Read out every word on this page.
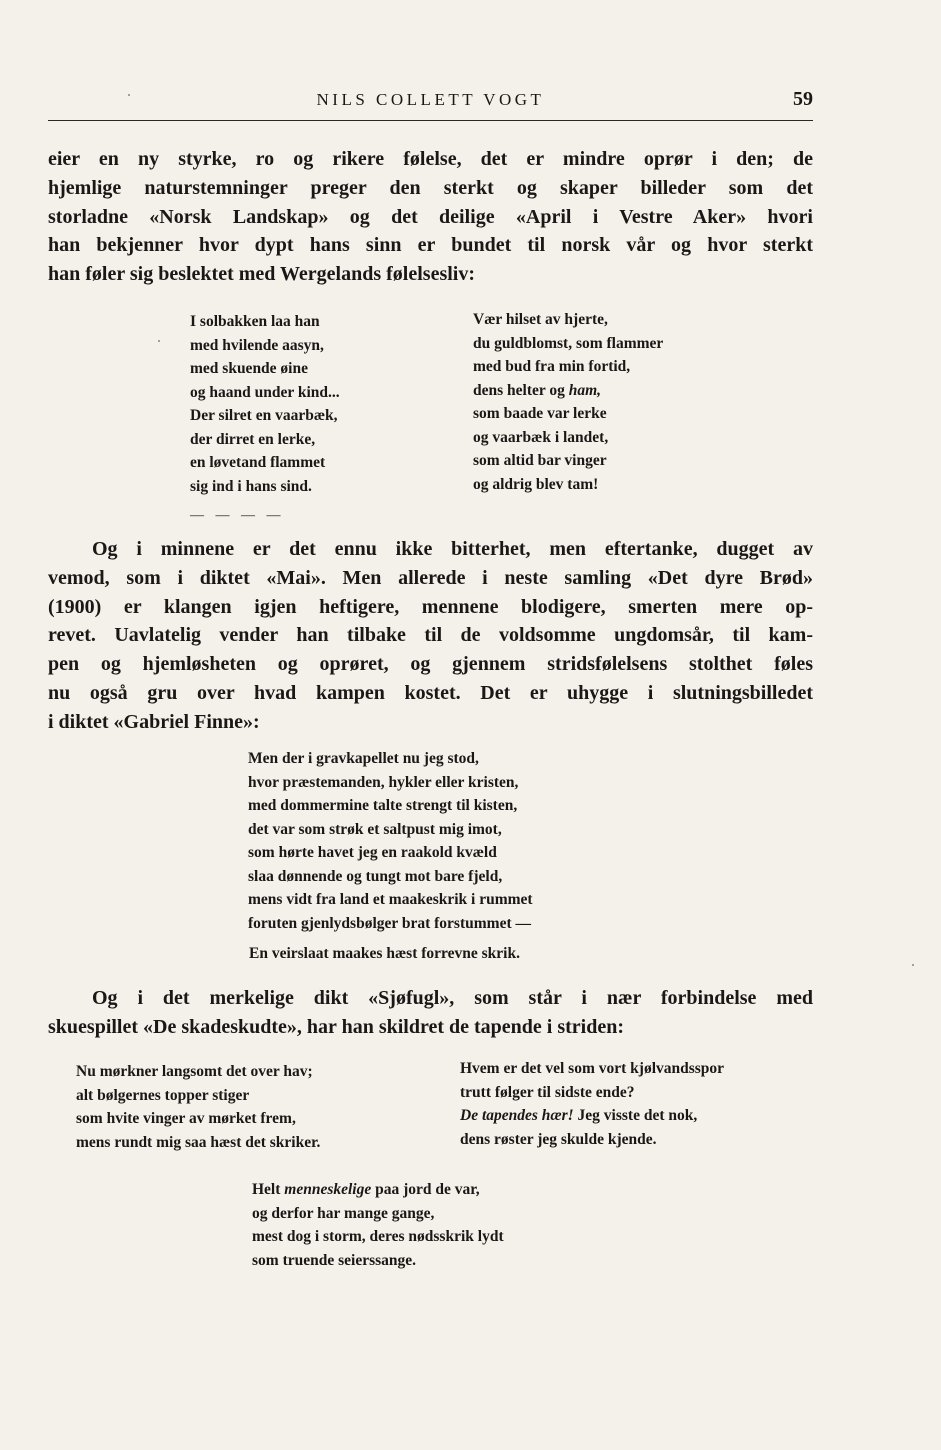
NILS COLLETT VOGT	59

eier en ny styrke, ro og rikere følelse, det er mindre oprør i den; de
hjemlige naturstemninger preger den sterkt og skaper billeder som det
storladne «Norsk Landskap» og det deilige «April i Vestre Aker» hvori
han bekjenner hvor dypt hans sinn er bundet til norsk vår og hvor sterkt
han føler sig beslektet med Wergelands følelsesliv:

I solbakken laa han
med hvilende aasyn,
med skuende øine
og haand under kind...
Der silret en vaarbæk,
der dirret en lerke,
en løvetand flammet
sig ind i hans sind.
— — — —
Vær hilset av hjerte,
du guldblomst, som flammer
med bud fra min fortid,
dens helter og ham,
som baade var lerke
og vaarbæk i landet,
som altid bar vinger
og aldrig blev tam!

Og i minnene er det ennu ikke bitterhet, men eftertanke, dugget av
vemod, som i diktet «Mai». Men allerede i neste samling «Det dyre Brød»
(1900) er klangen igjen heftigere, mennene blodigere, smerten mere op-
revet. Uavlatelig vender han tilbake til de voldsomme ungdomsår, til kam-
pen og hjemløsheten og oprøret, og gjennem stridsfølelsens stolthet føles
nu også gru over hvad kampen kostet. Det er uhygge i slutningsbilledet
i diktet «Gabriel Finne»:

Men der i gravkapellet nu jeg stod,
hvor præstemanden, hykler eller kristen,
med dommermine talte strengt til kisten,
det var som strøk et saltpust mig imot,
som hørte havet jeg en raakold kvæld
slaa dønnende og tungt mot bare fjeld,
mens vidt fra land et maakeskrik i rummet
foruten gjenlydsbølger brat forstummet —
En veirslaat maakes hæst forrevne skrik.

Og i det merkelige dikt «Sjøfugl», som står i nær forbindelse med
skuespillet «De skadeskudte», har han skildret de tapende i striden:

Nu mørkner langsomt det over hav;
alt bølgernes topper stiger
som hvite vinger av mørket frem,
mens rundt mig saa hæst det skriker.
Hvem er det vel som vort kjølvandsspor
trutt følger til sidste ende?
De tapendes hær! Jeg visste det nok,
dens røster jeg skulde kjende.
Helt menneskelige paa jord de var,
og derfor har mange gange,
mest dog i storm, deres nødsskrik lydt
som truende seierssange.
